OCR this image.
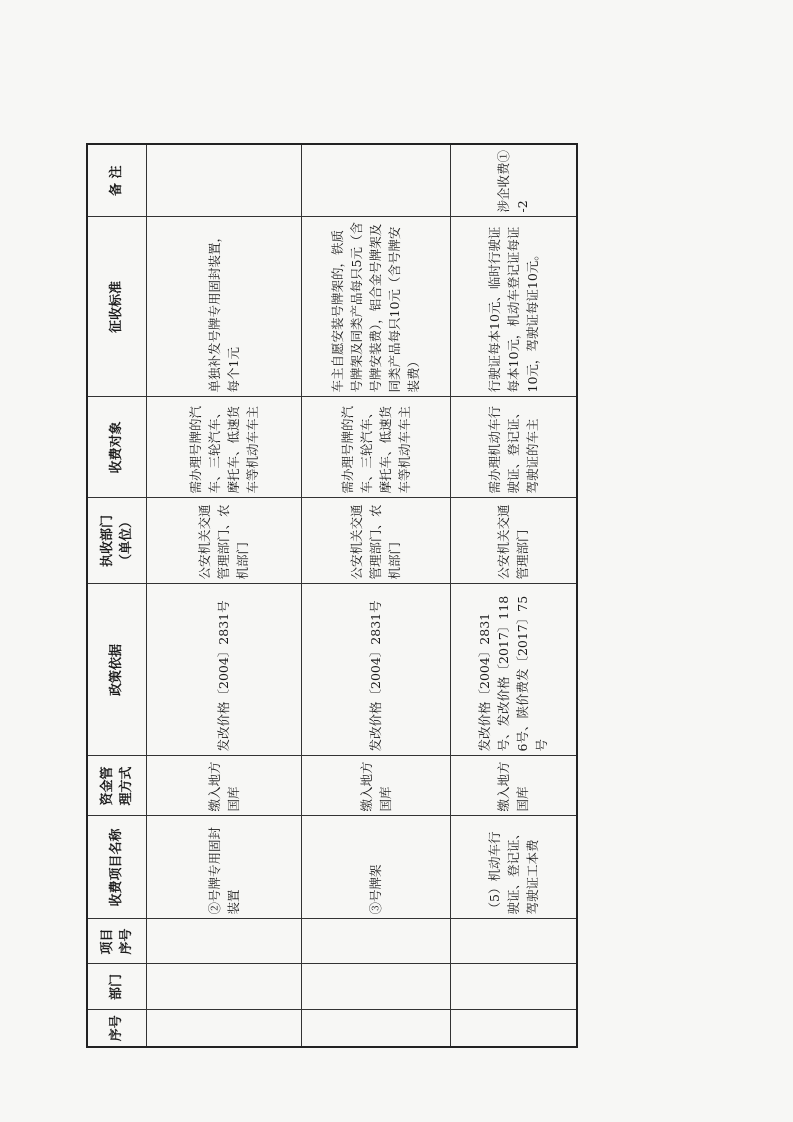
序号	部门	项目序号	收费项目名称	资金管理方式	政策依据	执收部门（单位）	收费对象	征收标准	备 注
			②号牌专用固封装置	缴入地方国库	发改价格〔2004〕2831号	公安机关交通管理部门、农机部门	需办理号牌的汽车、三轮汽车、摩托车、低速货车等机动车车主	单独补发号牌专用固封装置，每个1元	
			③号牌架	缴入地方国库	发改价格〔2004〕2831号	公安机关交通管理部门、农机部门	需办理号牌的汽车、三轮汽车、摩托车、低速货车等机动车车主	车主自愿安装号牌架的，铁质号牌架及同类产品每只5元（含号牌安装费），铝合金号牌架及同类产品每只10元（含号牌安装费）	
			（5）机动车行驶证、登记证、驾驶证工本费	缴入地方国库	发改价格〔2004〕2831号、发改价格〔2017〕1186号、陕价费发〔2017〕75号	公安机关交通管理部门	需办理机动车行驶证、登记证、驾驶证的车主	行驶证每本10元、临时行驶证每本10元，机动车登记证每证10元，驾驶证每证10元。	涉企收费①-2
